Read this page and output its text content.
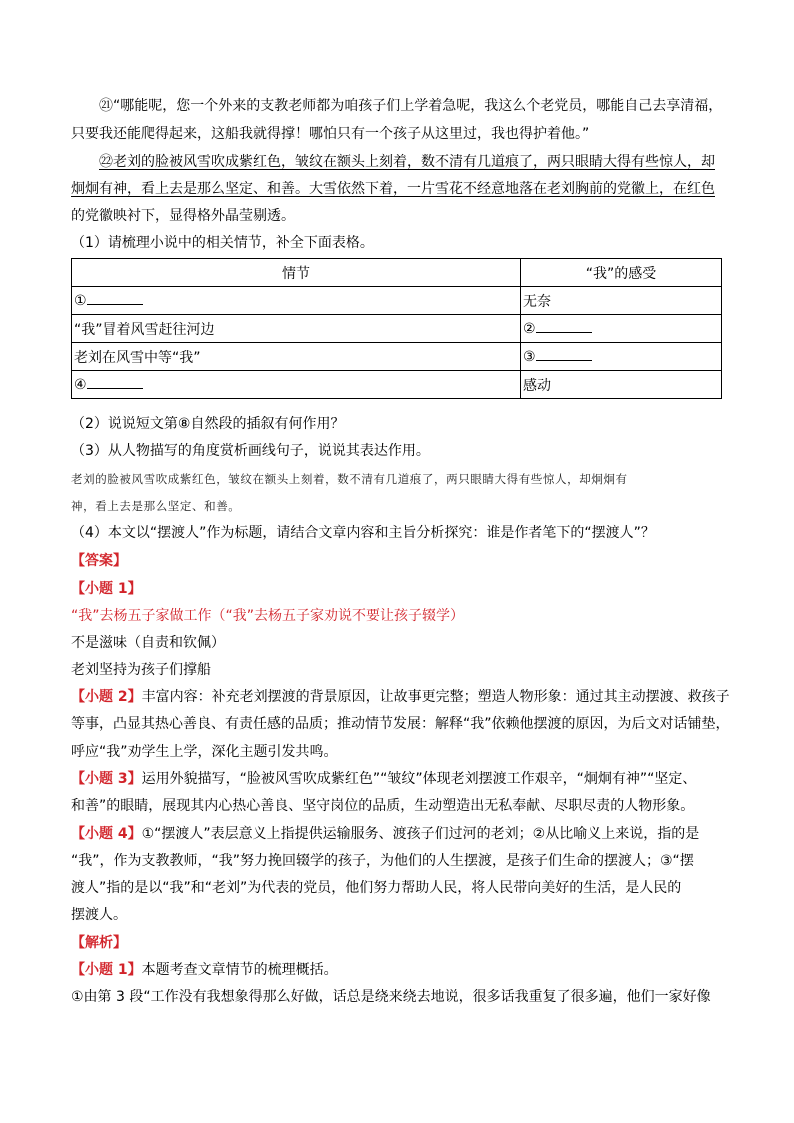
㉑“哪能呢，您一个外来的支教老师都为咱孩子们上学着急呢，我这么个老党员，哪能自己去享清福，
只要我还能爬得起来，这船我就得撑！哪怕只有一个孩子从这里过，我也得护着他。”
㉒老刘的脸被风雪吹成紫红色，皱纹在额头上刻着，数不清有几道痕了，两只眼睛大得有些惊人，却
炯炯有神，看上去是那么坚定、和善。大雪依然下着，一片雪花不经意地落在老刘胸前的党徽上，在红色
的党徽映衬下，显得格外晶莹剔透。
（1）请梳理小说中的相关情节，补全下面表格。
情节	“我”的感受
①	无奈
“我”冒着风雪赶往河边	②
老刘在风雪中等“我”	③
④	感动
（2）说说短文第⑧自然段的插叙有何作用？
（3）从人物描写的角度赏析画线句子，说说其表达作用。
老刘的脸被风雪吹成紫红色，皱纹在额头上刻着，数不清有几道痕了，两只眼睛大得有些惊人，却炯炯有
神，看上去是那么坚定、和善。
（4）本文以“摆渡人”作为标题，请结合文章内容和主旨分析探究：谁是作者笔下的“摆渡人”？
【答案】
【小题 1】
“我”去杨五子家做工作（“我”去杨五子家劝说不要让孩子辍学）
不是滋味（自责和钦佩）
老刘坚持为孩子们撑船
【小题 2】丰富内容：补充老刘摆渡的背景原因，让故事更完整；塑造人物形象：通过其主动摆渡、救孩子
等事，凸显其热心善良、有责任感的品质；推动情节发展：解释“我”依赖他摆渡的原因，为后文对话铺垫，
呼应“我”劝学生上学，深化主题引发共鸣。
【小题 3】运用外貌描写，“脸被风雪吹成紫红色”“皱纹”体现老刘摆渡工作艰辛，“炯炯有神”“坚定、
和善”的眼睛，展现其内心热心善良、坚守岗位的品质，生动塑造出无私奉献、尽职尽责的人物形象。
【小题 4】①“摆渡人”表层意义上指提供运输服务、渡孩子们过河的老刘；②从比喻义上来说，指的是
“我”，作为支教教师，“我”努力挽回辍学的孩子，为他们的人生摆渡，是孩子们生命的摆渡人；③“摆
渡人”指的是以“我”和“老刘”为代表的党员，他们努力帮助人民，将人民带向美好的生活，是人民的
摆渡人。
【解析】
【小题 1】本题考查文章情节的梳理概括。
①由第 3 段“工作没有我想象得那么好做，话总是绕来绕去地说，很多话我重复了很多遍，他们一家好像
